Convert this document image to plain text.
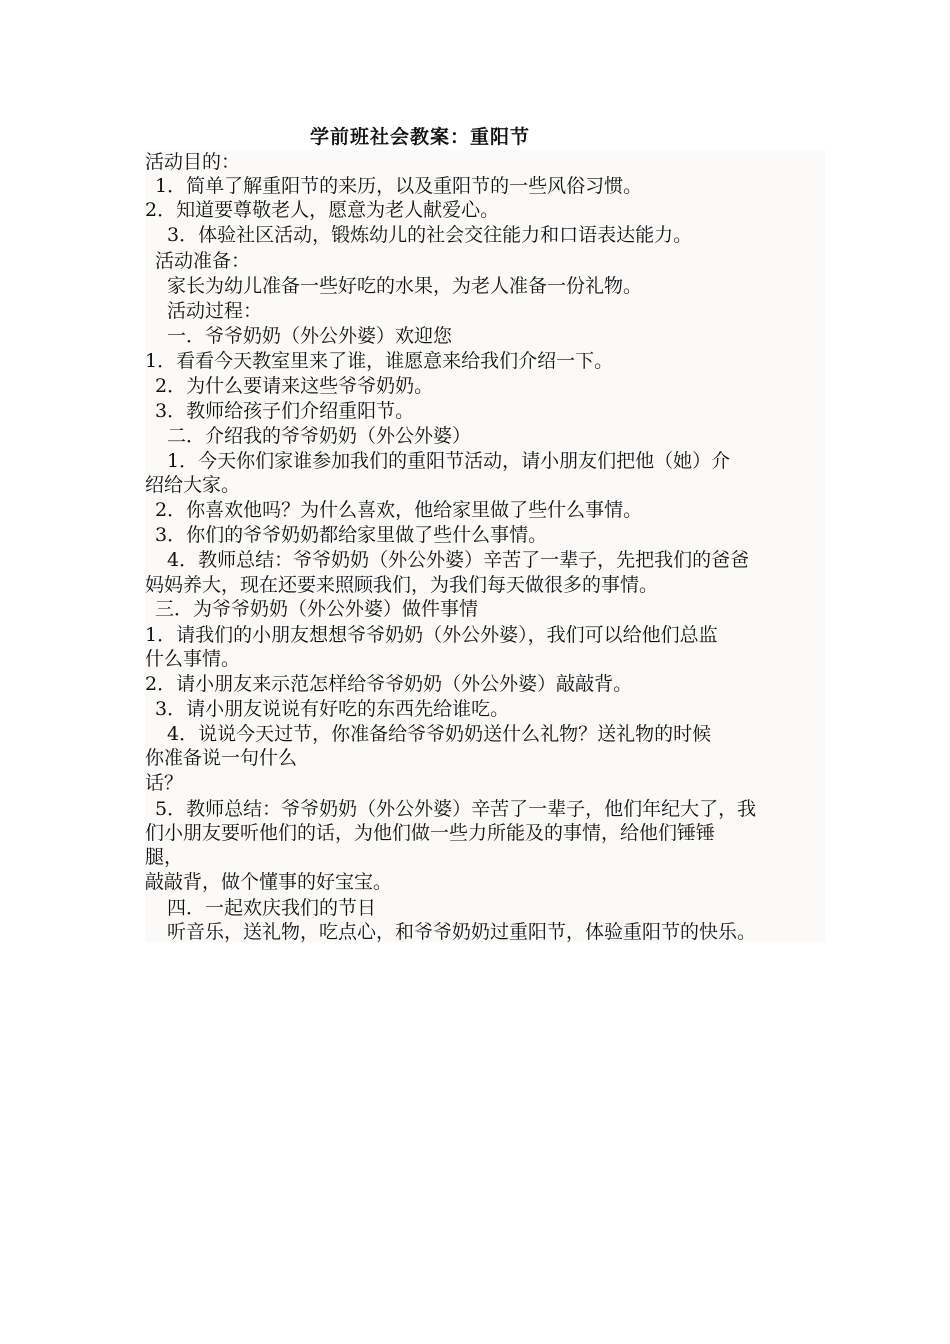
学前班社会教案：重阳节
活动目的：
1．简单了解重阳节的来历，以及重阳节的一些风俗习惯。
2．知道要尊敬老人，愿意为老人献爱心。
3．体验社区活动，锻炼幼儿的社会交往能力和口语表达能力。
活动准备：
家长为幼儿准备一些好吃的水果，为老人准备一份礼物。
活动过程：
一．爷爷奶奶（外公外婆）欢迎您
1．看看今天教室里来了谁，谁愿意来给我们介绍一下。
2．为什么要请来这些爷爷奶奶。
3．教师给孩子们介绍重阳节。
二．介绍我的爷爷奶奶（外公外婆）
1．今天你们家谁参加我们的重阳节活动，请小朋友们把他（她）介
绍给大家。
2．你喜欢他吗？为什么喜欢，他给家里做了些什么事情。
3．你们的爷爷奶奶都给家里做了些什么事情。
4．教师总结：爷爷奶奶（外公外婆）辛苦了一辈子，先把我们的爸爸
妈妈养大，现在还要来照顾我们，为我们每天做很多的事情。
三．为爷爷奶奶（外公外婆）做件事情
1．请我们的小朋友想想爷爷奶奶（外公外婆），我们可以给他们总监
什么事情。
2．请小朋友来示范怎样给爷爷奶奶（外公外婆）敲敲背。
3．请小朋友说说有好吃的东西先给谁吃。
4．说说今天过节，你准备给爷爷奶奶送什么礼物？送礼物的时候
你准备说一句什么
话？
5．教师总结：爷爷奶奶（外公外婆）辛苦了一辈子，他们年纪大了，我
们小朋友要听他们的话，为他们做一些力所能及的事情，给他们锤锤
腿，
敲敲背，做个懂事的好宝宝。
四．一起欢庆我们的节日
听音乐，送礼物，吃点心，和爷爷奶奶过重阳节，体验重阳节的快乐。
